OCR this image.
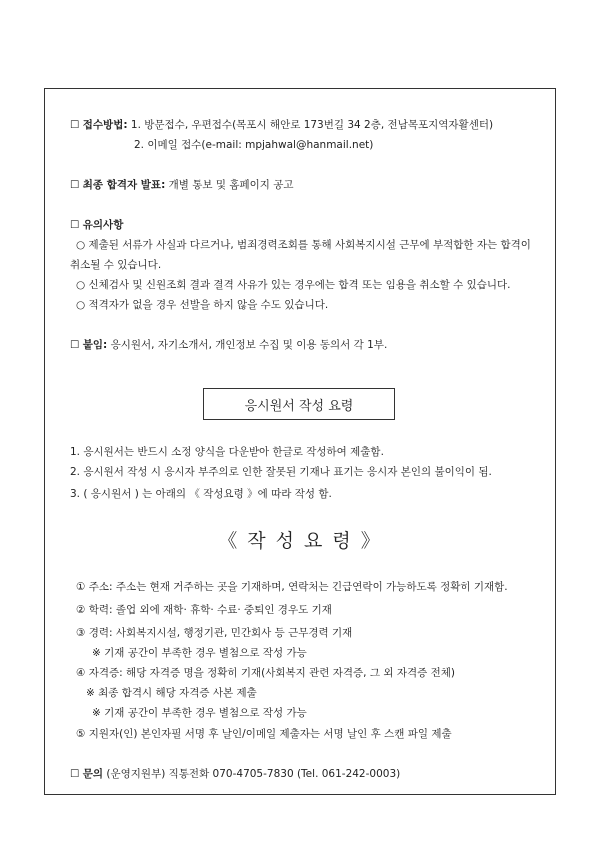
☐ 접수방법: 1. 방문접수, 우편접수(목포시 해안로 173번길 34 2층, 전남목포지역자활센터)
2. 이메일 접수(e-mail: mpjahwal@hanmail.net)
☐ 최종 합격자 발표: 개별 통보 및 홈페이지 공고
☐ 유의사항
○ 제출된 서류가 사실과 다르거나, 범죄경력조회를 통해 사회복지시설 근무에 부적합한 자는 합격이
취소될 수 있습니다.
○ 신체검사 및 신원조회 결과 결격 사유가 있는 경우에는 합격 또는 임용을 취소할 수 있습니다.
○ 적격자가 없을 경우 선발을 하지 않을 수도 있습니다.
☐ 붙임: 응시원서, 자기소개서, 개인정보 수집 및 이용 동의서 각 1부.
응시원서 작성 요령
1. 응시원서는 반드시 소정 양식을 다운받아 한글로 작성하여 제출함.
2. 응시원서 작성 시 응시자 부주의로 인한 잘못된 기재나 표기는 응시자 본인의 불이익이 됨.
3. ( 응시원서 ) 는 아래의 《 작성요령 》에 따라 작성 함.
《 작 성 요 령 》
① 주소: 주소는 현재 거주하는 곳을 기재하며, 연락처는 긴급연락이 가능하도록 정확히 기재함.
② 학력: 졸업 외에 재학· 휴학· 수료· 중퇴인 경우도 기재
③ 경력: 사회복지시설, 행정기관, 민간회사 등 근무경력 기재
※ 기재 공간이 부족한 경우 별첨으로 작성 가능
④ 자격증: 해당 자격증 명을 정확히 기재(사회복지 관련 자격증, 그 외 자격증 전체)
※ 최종 합격시 해당 자격증 사본 제출
※ 기재 공간이 부족한 경우 별첨으로 작성 가능
⑤ 지원자(인) 본인자필 서명 후 날인/이메일 제출자는 서명 날인 후 스캔 파일 제출
☐ 문의 (운영지원부) 직통전화 070-4705-7830 (Tel. 061-242-0003)
